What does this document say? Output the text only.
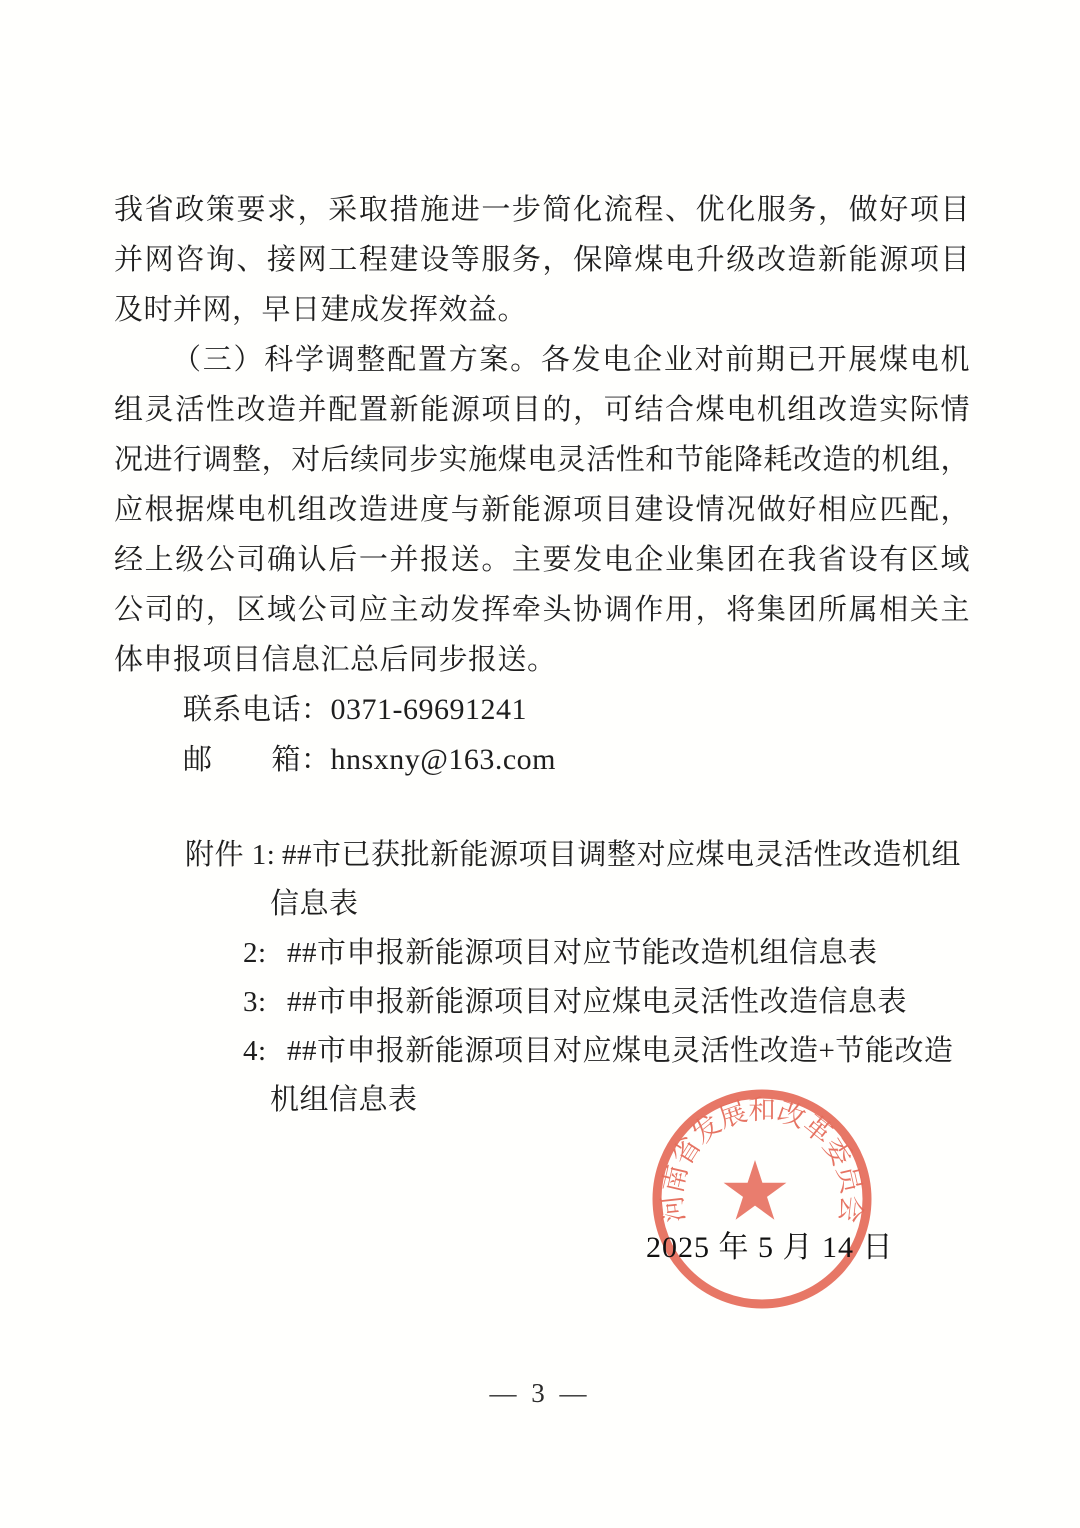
我省政策要求，采取措施进一步简化流程、优化服务，做好项目
并网咨询、接网工程建设等服务，保障煤电升级改造新能源项目
及时并网，早日建成发挥效益。
（三）科学调整配置方案。各发电企业对前期已开展煤电机
组灵活性改造并配置新能源项目的，可结合煤电机组改造实际情
况进行调整，对后续同步实施煤电灵活性和节能降耗改造的机组，
应根据煤电机组改造进度与新能源项目建设情况做好相应匹配，
经上级公司确认后一并报送。主要发电企业集团在我省设有区域
公司的，区域公司应主动发挥牵头协调作用，将集团所属相关主
体申报项目信息汇总后同步报送。
联系电话：0371-69691241
邮　　箱：hnsxny@163.com
附件 1: ##市已获批新能源项目调整对应煤电灵活性改造机组
信息表
2: ##市申报新能源项目对应节能改造机组信息表
3: ##市申报新能源项目对应煤电灵活性改造信息表
4: ##市申报新能源项目对应煤电灵活性改造+节能改造
机组信息表
河南省发展和改革委员会
2025 年 5 月 14 日
— 3 —
